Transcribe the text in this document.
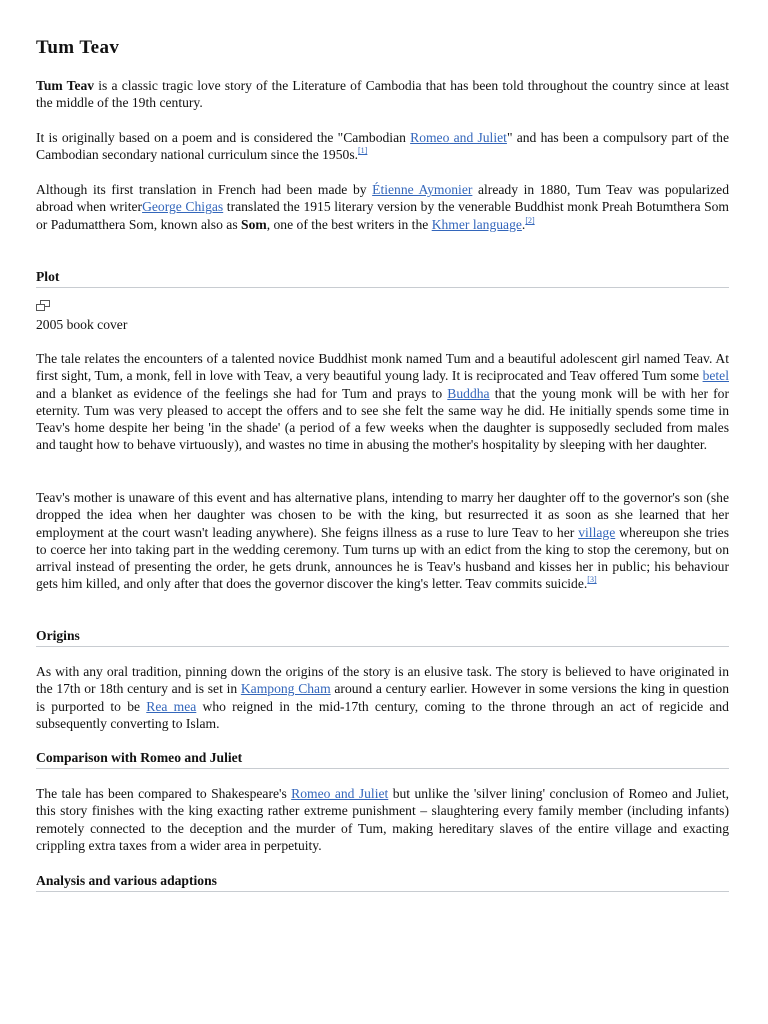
Tum Teav

Tum Teav is a classic tragic love story of the Literature of Cambodia that has been told throughout the country since at least the middle of the 19th century.

It is originally based on a poem and is considered the "Cambodian Romeo and Juliet" and has been a compulsory part of the Cambodian secondary national curriculum since the 1950s.[1]

Although its first translation in French had been made by Étienne Aymonier already in 1880, Tum Teav was popularized abroad when writerGeorge Chigas translated the 1915 literary version by the venerable Buddhist monk Preah Botumthera Som or Padumatthera Som, known also as Som, one of the best writers in the Khmer language.[2]

Plot
2005 book cover

The tale relates the encounters of a talented novice Buddhist monk named Tum and a beautiful adolescent girl named Teav. At first sight, Tum, a monk, fell in love with Teav, a very beautiful young lady. It is reciprocated and Teav offered Tum some betel and a blanket as evidence of the feelings she had for Tum and prays to Buddha that the young monk will be with her for eternity. Tum was very pleased to accept the offers and to see she felt the same way he did. He initially spends some time in Teav's home despite her being 'in the shade' (a period of a few weeks when the daughter is supposedly secluded from males and taught how to behave virtuously), and wastes no time in abusing the mother's hospitality by sleeping with her daughter.

Teav's mother is unaware of this event and has alternative plans, intending to marry her daughter off to the governor's son (she dropped the idea when her daughter was chosen to be with the king, but resurrected it as soon as she learned that her employment at the court wasn't leading anywhere). She feigns illness as a ruse to lure Teav to her village whereupon she tries to coerce her into taking part in the wedding ceremony. Tum turns up with an edict from the king to stop the ceremony, but on arrival instead of presenting the order, he gets drunk, announces he is Teav's husband and kisses her in public; his behaviour gets him killed, and only after that does the governor discover the king's letter. Teav commits suicide.[3]

Origins

As with any oral tradition, pinning down the origins of the story is an elusive task. The story is believed to have originated in the 17th or 18th century and is set in Kampong Cham around a century earlier. However in some versions the king in question is purported to be Rea mea who reigned in the mid-17th century, coming to the throne through an act of regicide and subsequently converting to Islam.

Comparison with Romeo and Juliet

The tale has been compared to Shakespeare's Romeo and Juliet but unlike the 'silver lining' conclusion of Romeo and Juliet, this story finishes with the king exacting rather extreme punishment – slaughtering every family member (including infants) remotely connected to the deception and the murder of Tum, making hereditary slaves of the entire village and exacting crippling extra taxes from a wider area in perpetuity.

Analysis and various adaptions
